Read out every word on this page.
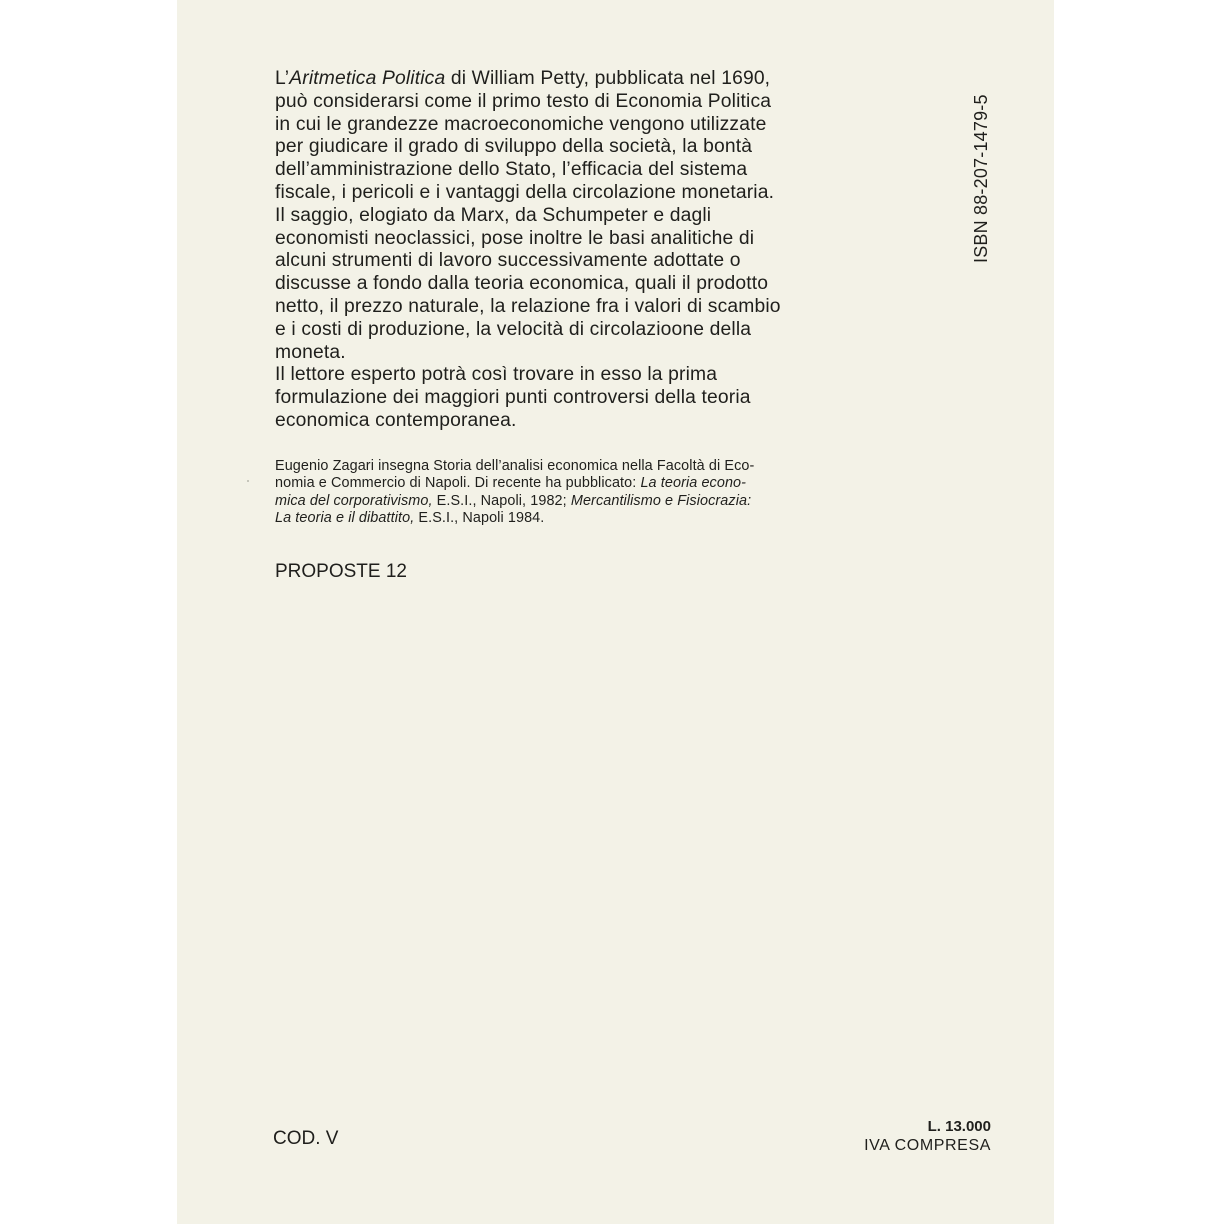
L’Aritmetica Politica di William Petty, pubblicata nel 1690,
può considerarsi come il primo testo di Economia Politica
in cui le grandezze macroeconomiche vengono utilizzate
per giudicare il grado di sviluppo della società, la bontà
dell’amministrazione dello Stato, l’efficacia del sistema
fiscale, i pericoli e i vantaggi della circolazione monetaria.
Il saggio, elogiato da Marx, da Schumpeter e dagli
economisti neoclassici, pose inoltre le basi analitiche di
alcuni strumenti di lavoro successivamente adottate o
discusse a fondo dalla teoria economica, quali il prodotto
netto, il prezzo naturale, la relazione fra i valori di scambio
e i costi di produzione, la velocità di circolazioone della
moneta.
Il lettore esperto potrà così trovare in esso la prima
formulazione dei maggiori punti controversi della teoria
economica contemporanea.
Eugenio Zagari insegna Storia dell’analisi economica nella Facoltà di Eco-
nomia e Commercio di Napoli. Di recente ha pubblicato: La teoria econo-
mica del corporativismo, E.S.I., Napoli, 1982; Mercantilismo e Fisiocrazia:
La teoria e il dibattito, E.S.I., Napoli 1984.
PROPOSTE 12
ISBN 88-207-1479-5
COD. V
L. 13.000
IVA COMPRESA
